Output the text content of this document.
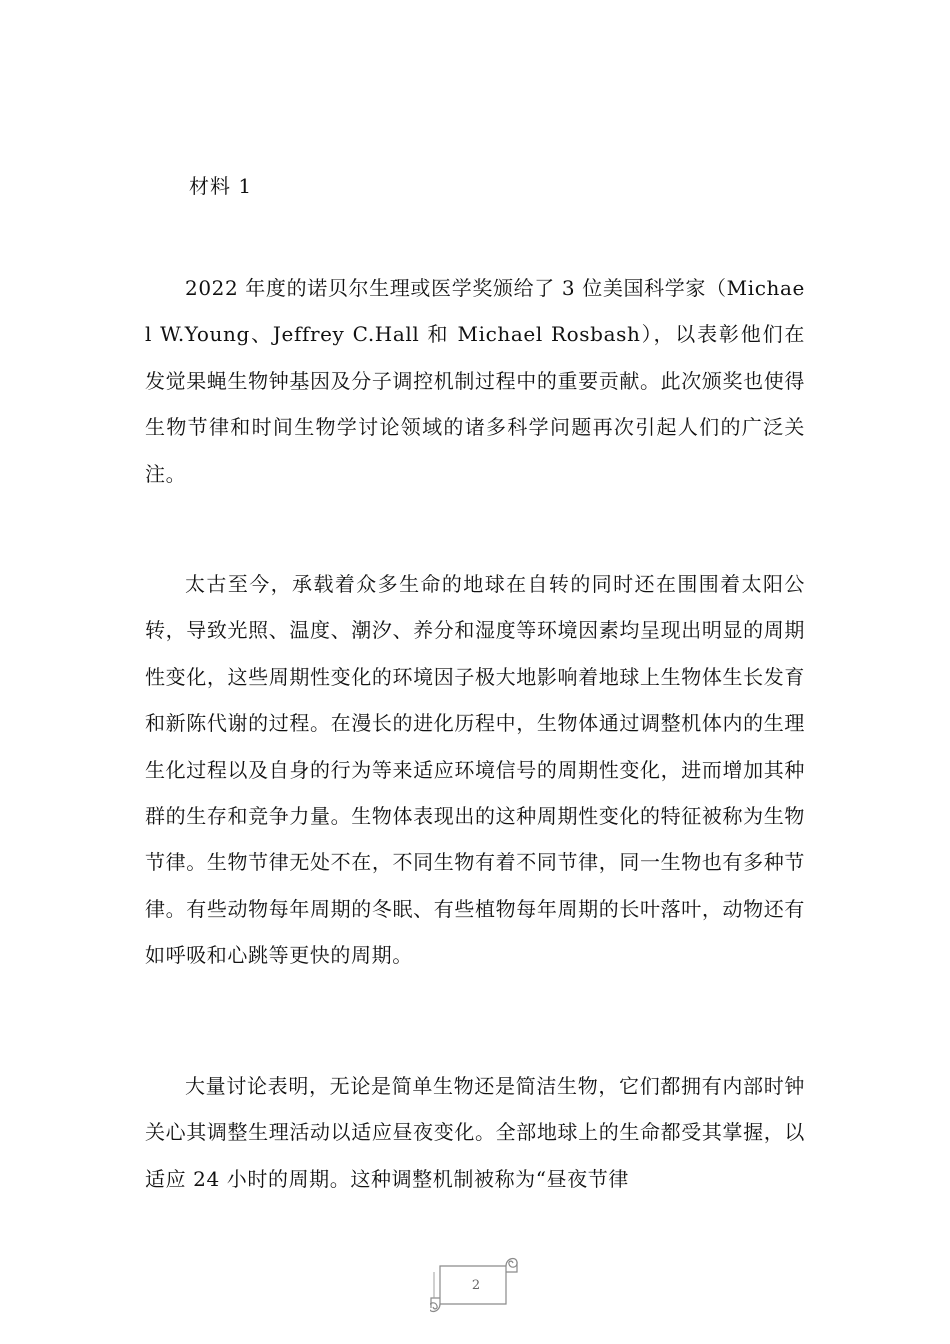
材料 1

2022 年度的诺贝尔生理或医学奖颁给了 3 位美国科学家（Michael W.Young、Jeffrey C.Hall 和 Michael Rosbash），以表彰他们在发觉果蝇生物钟基因及分子调控机制过程中的重要贡献。此次颁奖也使得生物节律和时间生物学讨论领域的诸多科学问题再次引起人们的广泛关注。

太古至今，承载着众多生命的地球在自转的同时还在围围着太阳公转，导致光照、温度、潮汐、养分和湿度等环境因素均呈现出明显的周期性变化，这些周期性变化的环境因子极大地影响着地球上生物体生长发育和新陈代谢的过程。在漫长的进化历程中，生物体通过调整机体内的生理生化过程以及自身的行为等来适应环境信号的周期性变化，进而增加其种群的生存和竞争力量。生物体表现出的这种周期性变化的特征被称为生物节律。生物节律无处不在，不同生物有着不同节律，同一生物也有多种节律。有些动物每年周期的冬眠、有些植物每年周期的长叶落叶，动物还有如呼吸和心跳等更快的周期。

大量讨论表明，无论是简单生物还是简洁生物，它们都拥有内部时钟关心其调整生理活动以适应昼夜变化。全部地球上的生命都受其掌握，以适应 24 小时的周期。这种调整机制被称为“昼夜节律

2
